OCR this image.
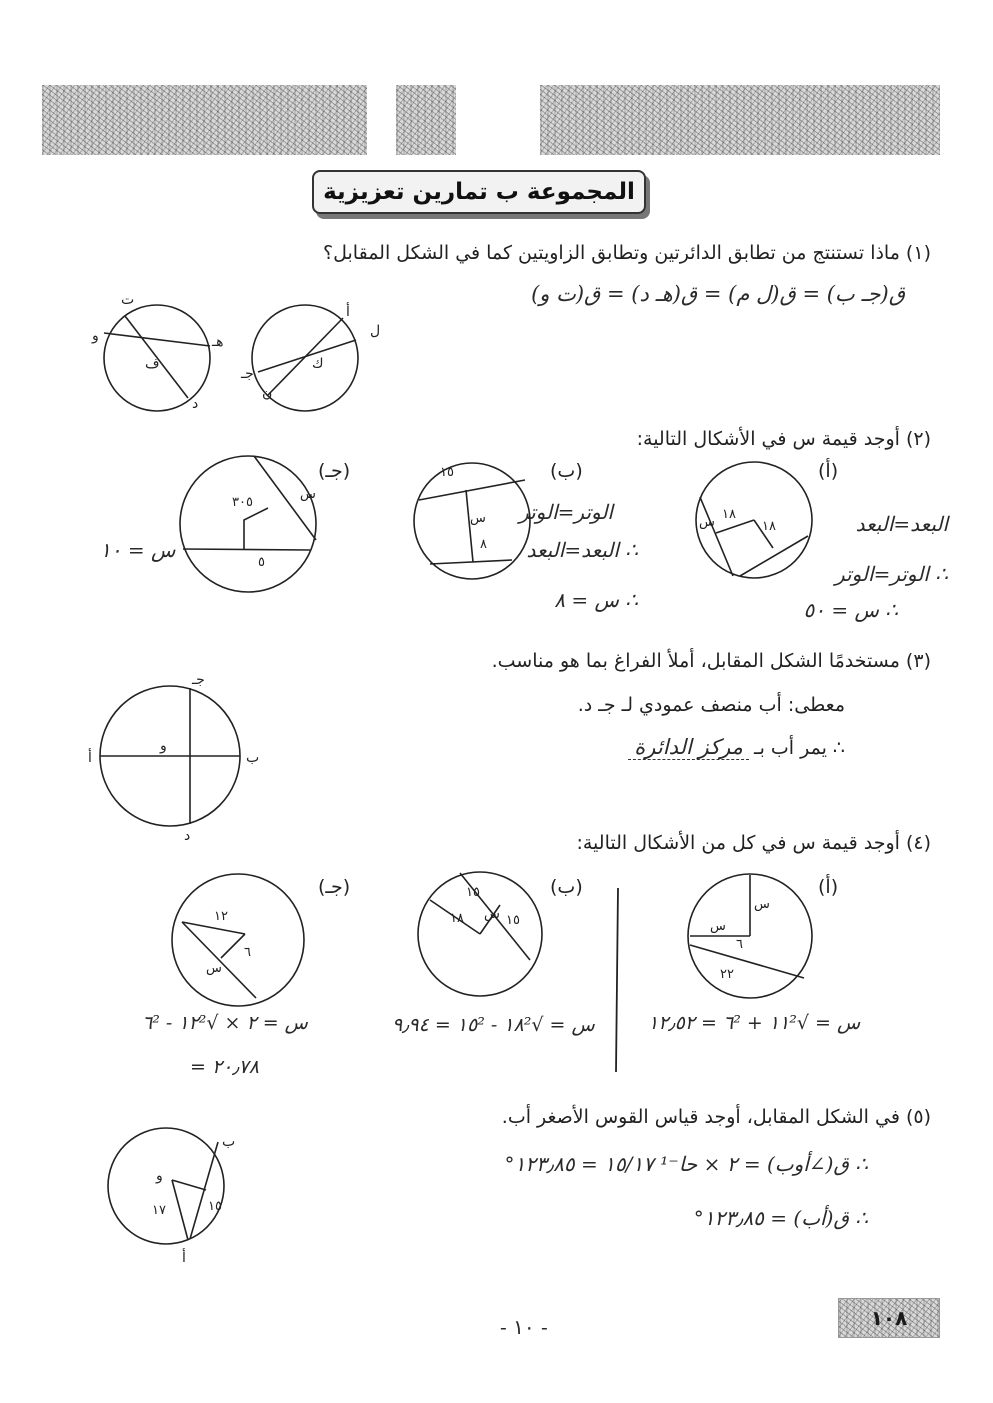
المجموعة ب تمارين تعزيزية
(١) ماذا تستنتج من تطابق الدائرتين وتطابق الزاويتين كما في الشكل المقابل؟
ق(جـ ب) = ق(ل م) = ق(هـ د) = ق(ت و)
(٢) أوجد قيمة س في الأشكال التالية:
(أ)
(ب)
(جـ)
البعد=البعد
∴ الوتر=الوتر
∴ س = ٥٠
الوتر=الوتر
∴ البعد=البعد
∴ س = ٨
س = ١٠
(٣) مستخدمًا الشكل المقابل، أملأ الفراغ بما هو مناسب.
معطى: أب منصف عمودي لـ جـ د.
∴ يمر أب بـ مركز الدائرة
(٤) أوجد قيمة س في كل من الأشكال التالية:
(أ)
(ب)
(جـ)
س = √١١² + ٦² = ١٢٫٥٢
س = √١٨² - ١٥² = ٩٫٩٤
س = ٢ × √١٢² - ٦²
= ٢٠٫٧٨
(٥) في الشكل المقابل، أوجد قياس القوس الأصغر أب.
∴ ق(∠أوب) = ٢ × حا⁻¹ ١٥/١٧ = ١٢٣٫٨٥°
∴ ق(أب) = ١٢٣٫٨٥°
- ١٠ -	١٠٨
أ
ل
جـ
ك
ن
ت
و
ف
هـ
د
١٨
١٨
س
١٥
س
٨
٣٠٥
س
٥
جـ
أ
و
ب
د
س
س
٦
٢٢
١٥
١٨ س ١٥
١٢
٦
س
ب
و
١٧	١٥
أ
